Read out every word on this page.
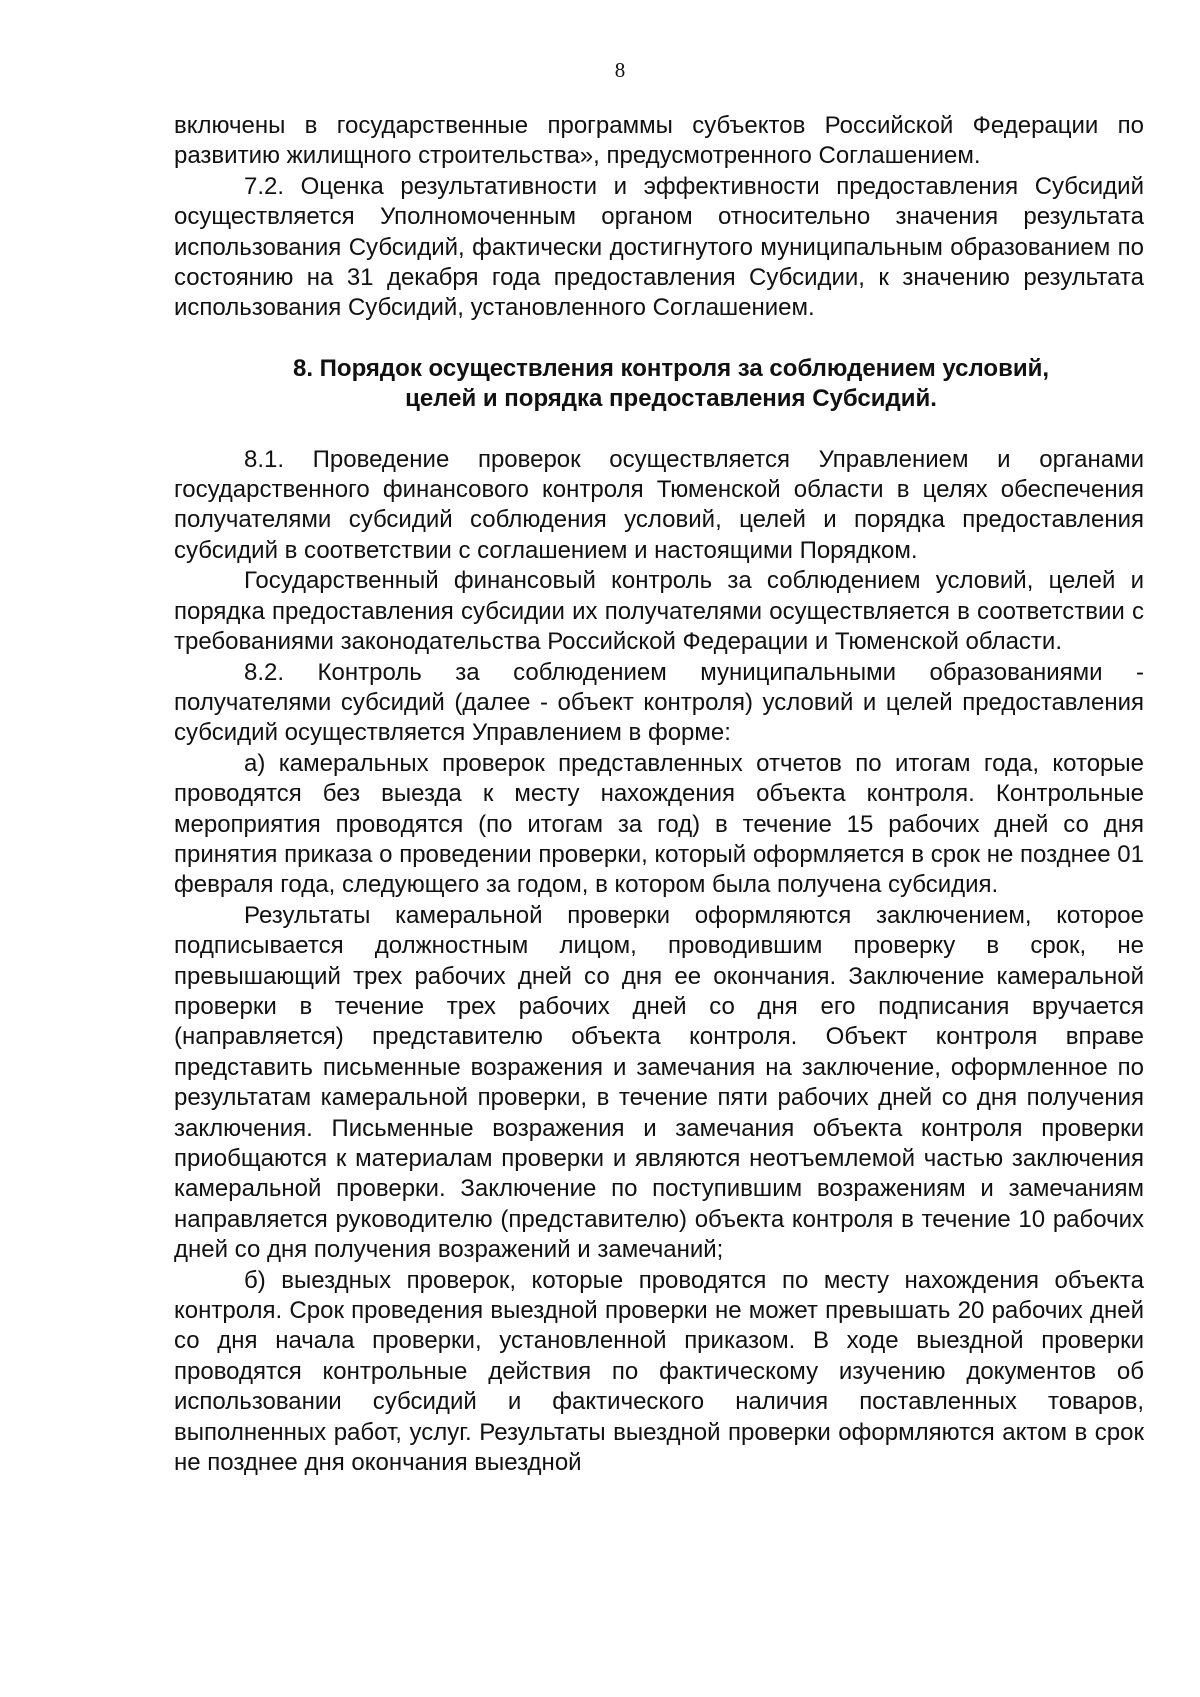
8

включены в государственные программы субъектов Российской Федерации по развитию жилищного строительства», предусмотренного Соглашением.

7.2. Оценка результативности и эффективности предоставления Субсидий осуществляется Уполномоченным органом относительно значения результата использования Субсидий, фактически достигнутого муниципальным образованием по состоянию на 31 декабря года предоставления Субсидии, к значению результата использования Субсидий, установленного Соглашением.

8. Порядок осуществления контроля за соблюдением условий,
целей и порядка предоставления Субсидий.

8.1. Проведение проверок осуществляется Управлением и органами государственного финансового контроля Тюменской области в целях обеспечения получателями субсидий соблюдения условий, целей и порядка предоставления субсидий в соответствии с соглашением и настоящими Порядком.

Государственный финансовый контроль за соблюдением условий, целей и порядка предоставления субсидии их получателями осуществляется в соответствии с требованиями законодательства Российской Федерации и Тюменской области.

8.2. Контроль за соблюдением муниципальными образованиями - получателями субсидий (далее - объект контроля) условий и целей предоставления субсидий осуществляется Управлением в форме:

а) камеральных проверок представленных отчетов по итогам года, которые проводятся без выезда к месту нахождения объекта контроля. Контрольные мероприятия проводятся (по итогам за год) в течение 15 рабочих дней со дня принятия приказа о проведении проверки, который оформляется в срок не позднее 01 февраля года, следующего за годом, в котором была получена субсидия.

Результаты камеральной проверки оформляются заключением, которое подписывается должностным лицом, проводившим проверку в срок, не превышающий трех рабочих дней со дня ее окончания. Заключение камеральной проверки в течение трех рабочих дней со дня его подписания вручается (направляется) представителю объекта контроля. Объект контроля вправе представить письменные возражения и замечания на заключение, оформленное по результатам камеральной проверки, в течение пяти рабочих дней со дня получения заключения. Письменные возражения и замечания объекта контроля проверки приобщаются к материалам проверки и являются неотъемлемой частью заключения камеральной проверки. Заключение по поступившим возражениям и замечаниям направляется руководителю (представителю) объекта контроля в течение 10 рабочих дней со дня получения возражений и замечаний;

б) выездных проверок, которые проводятся по месту нахождения объекта контроля. Срок проведения выездной проверки не может превышать 20 рабочих дней со дня начала проверки, установленной приказом. В ходе выездной проверки проводятся контрольные действия по фактическому изучению документов об использовании субсидий и фактического наличия поставленных товаров, выполненных работ, услуг. Результаты выездной проверки оформляются актом в срок не позднее дня окончания выездной
